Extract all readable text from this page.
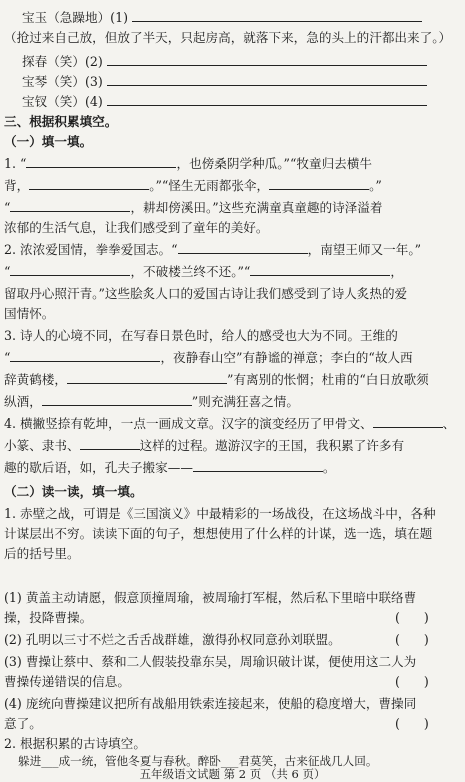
宝玉（急躁地）(1)
（抢过来自己放，但放了半天，只起房高，就落下来，急的头上的汗都出来了。）
探春（笑）(2)
宝琴（笑）(3)
宝钗（笑）(4)
三、根据积累填空。
（一）填一填。
1. “	，也傍桑阴学种瓜。”“牧童归去横牛
背，	。”“怪生无雨都张伞，	。”
“	，耕却傍溪田。”这些充满童真童趣的诗泽溢着
浓郁的生活气息，让我们感受到了童年的美好。
2. 浓浓爱国情，拳拳爱国志。“	，南望王师又一年。”
“	，不破楼兰终不还。”“	，
留取丹心照汗青。”这些脍炙人口的爱国古诗让我们感受到了诗人炙热的爱
国情怀。
3. 诗人的心境不同，在写春日景色时，给人的感受也大为不同。王维的
“	，夜静春山空”有静谧的禅意；李白的“故人西
辞黄鹤楼，	”有离别的怅惘；杜甫的“白日放歌须
纵酒，	”则充满狂喜之情。
4. 横撇竖捺有乾坤，一点一画成文章。汉字的演变经历了甲骨文、	、
小篆、隶书、	这样的过程。遨游汉字的王国，我积累了许多有
趣的歇后语，如，孔夫子搬家——	。
（二）读一读，填一填。
1. 赤壁之战，可谓是《三国演义》中最精彩的一场战役，在这场战斗中，各种
计谋层出不穷。读读下面的句子，想想使用了什么样的计谋，选一选，填在题
后的括号里。
(1) 黄盖主动请愿，假意顶撞周瑜，被周瑜打军棍，然后私下里暗中联络曹
操，投降曹操。	(      )
(2) 孔明以三寸不烂之舌舌战群雄，激得孙权同意孙刘联盟。	(      )
(3) 曹操让蔡中、蔡和二人假装投靠东吴，周瑜识破计谋，便使用这二人为
曹操传递错误的信息。	(      )
(4) 庞统向曹操建议把所有战船用铁索连接起来，使船的稳度增大，曹操同
意了。	(      )
2. 根据积累的古诗填空。
躲进___成一统，管他冬夏与春秋。醉卧___君莫笑，古来征战几人回。
五年级语文试题 第 2 页 （共 6 页）
